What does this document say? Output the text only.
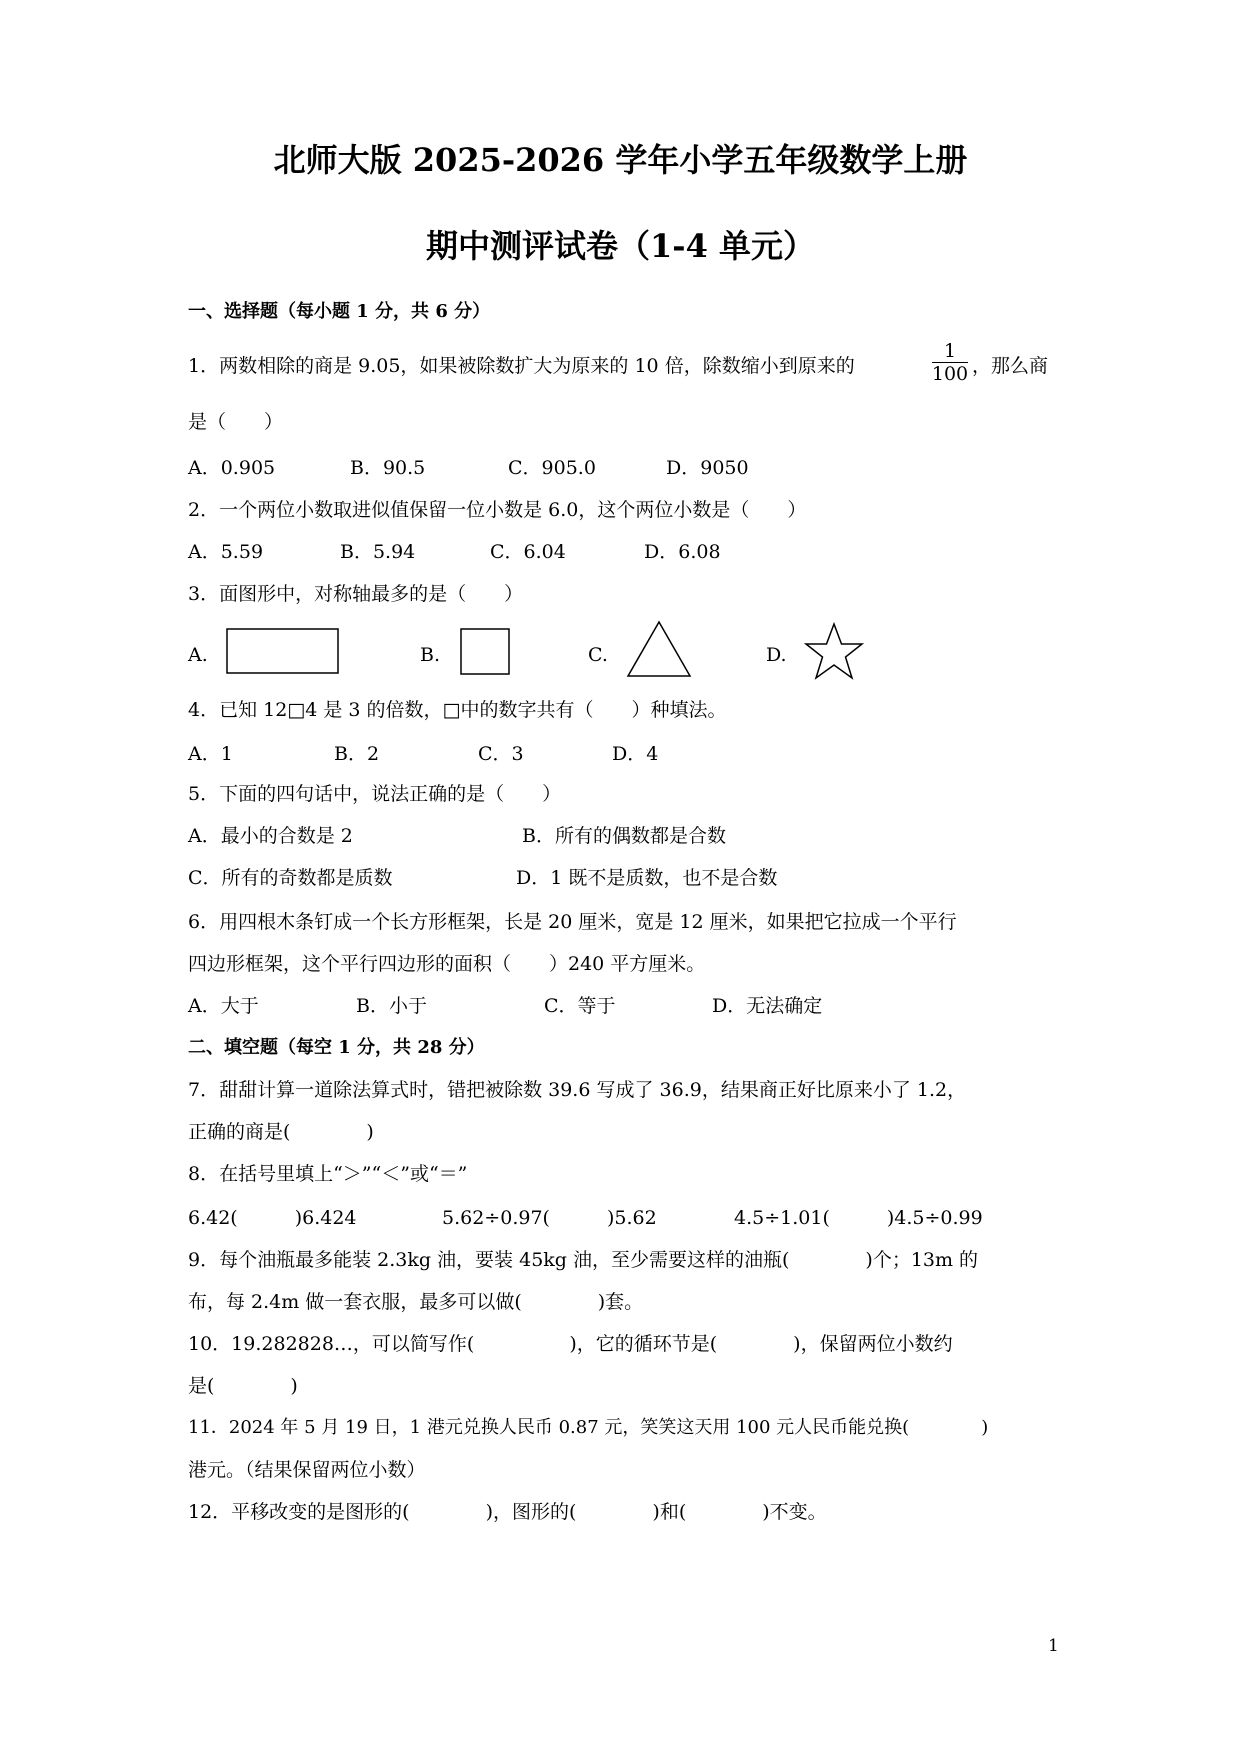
北师大版 2025-2026 学年小学五年级数学上册
期中测评试卷（1-4 单元）
一、选择题（每小题 1 分，共 6 分）
1．两数相除的商是 9.05，如果被除数扩大为原来的 10 倍，除数缩小到原来的
1
100 ，那么商
是（　　）
A．0.905	B．90.5	C．905.0	D．9050
2．一个两位小数取进似值保留一位小数是 6.0，这个两位小数是（　　）
A．5.59	B．5.94	C．6.04	D．6.08
3．面图形中，对称轴最多的是（　　）
A.	B.	C.	D.
4．已知 12□4 是 3 的倍数，□中的数字共有（　　）种填法。
A．1	B．2	C．3	D．4
5．下面的四句话中，说法正确的是（　　）
A．最小的合数是 2	B．所有的偶数都是合数
C．所有的奇数都是质数	D．1 既不是质数，也不是合数
6．用四根木条钉成一个长方形框架，长是 20 厘米，宽是 12 厘米，如果把它拉成一个平行
四边形框架，这个平行四边形的面积（　　）240 平方厘米。
A．大于	B．小于	C．等于	D．无法确定
二、填空题（每空 1 分，共 28 分）
7．甜甜计算一道除法算式时，错把被除数 39.6 写成了 36.9，结果商正好比原来小了 1.2，
正确的商是(　　　　)
8．在括号里填上“＞”“＜”或“＝”
6.42(　　　)6.424	5.62÷0.97(　　　)5.62	4.5÷1.01(　　　)4.5÷0.99
9．每个油瓶最多能装 2.3kg 油，要装 45kg 油，至少需要这样的油瓶(　　　　)个；13m 的
布，每 2.4m 做一套衣服，最多可以做(　　　　)套。
10．19.282828…，可以简写作(　　　　　)，它的循环节是(　　　　)，保留两位小数约
是(　　　　)
11．2024 年 5 月 19 日，1 港元兑换人民币 0.87 元，笑笑这天用 100 元人民币能兑换(　　　　)
港元。（结果保留两位小数）
12．平移改变的是图形的(　　　　)，图形的(　　　　)和(　　　　)不变。
1
